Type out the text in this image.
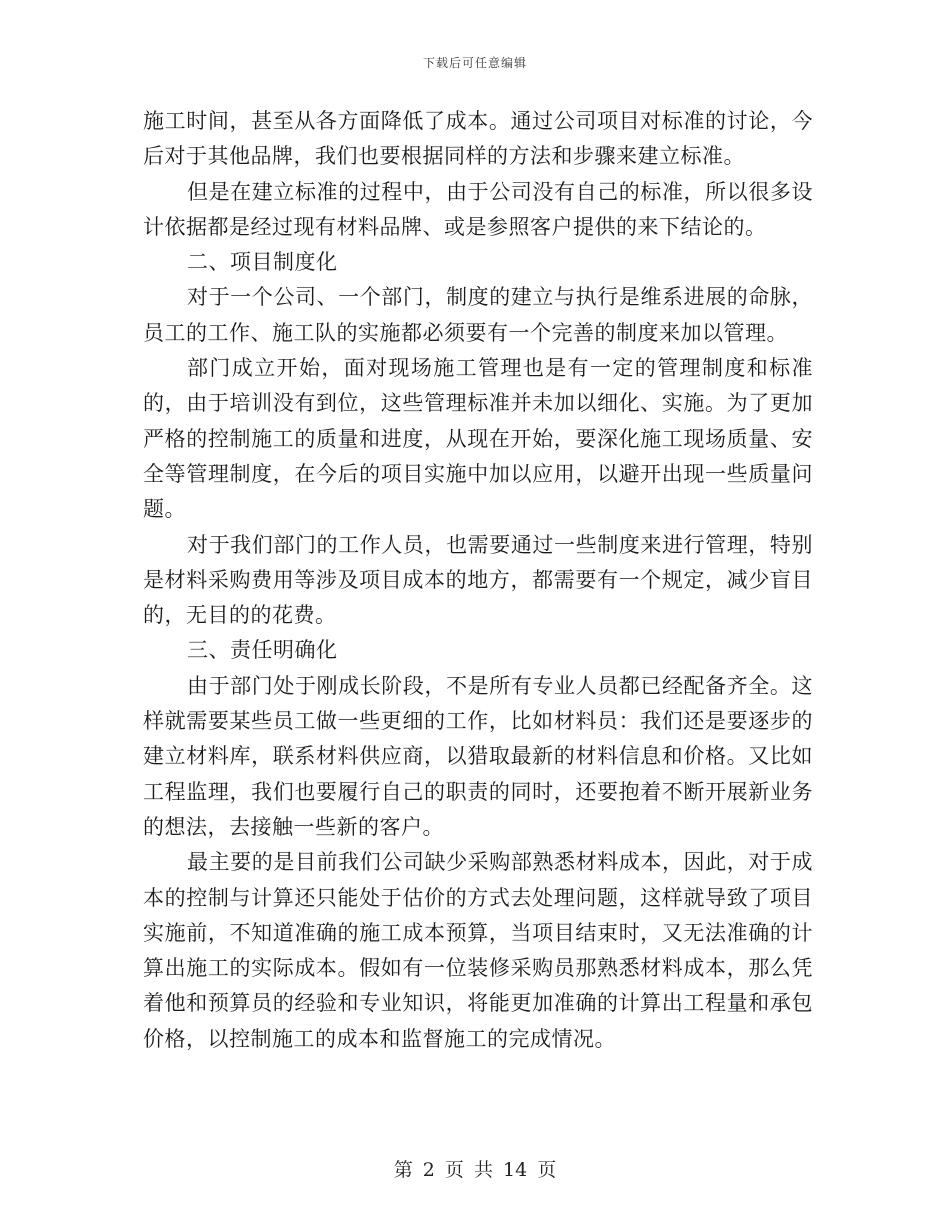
下载后可任意编辑

施工时间，甚至从各方面降低了成本。通过公司项目对标准的讨论，今后对于其他品牌，我们也要根据同样的方法和步骤来建立标准。

但是在建立标准的过程中，由于公司没有自己的标准，所以很多设计依据都是经过现有材料品牌、或是参照客户提供的来下结论的。

二、项目制度化

对于一个公司、一个部门，制度的建立与执行是维系进展的命脉，员工的工作、施工队的实施都必须要有一个完善的制度来加以管理。

部门成立开始，面对现场施工管理也是有一定的管理制度和标准的，由于培训没有到位，这些管理标准并未加以细化、实施。为了更加严格的控制施工的质量和进度，从现在开始，要深化施工现场质量、安全等管理制度，在今后的项目实施中加以应用，以避开出现一些质量问题。

对于我们部门的工作人员，也需要通过一些制度来进行管理，特别是材料采购费用等涉及项目成本的地方，都需要有一个规定，减少盲目的，无目的的花费。

三、责任明确化

由于部门处于刚成长阶段，不是所有专业人员都已经配备齐全。这样就需要某些员工做一些更细的工作，比如材料员：我们还是要逐步的建立材料库，联系材料供应商，以猎取最新的材料信息和价格。又比如工程监理，我们也要履行自己的职责的同时，还要抱着不断开展新业务的想法，去接触一些新的客户。

最主要的是目前我们公司缺少采购部熟悉材料成本，因此，对于成本的控制与计算还只能处于估价的方式去处理问题，这样就导致了项目实施前，不知道准确的施工成本预算，当项目结束时，又无法准确的计算出施工的实际成本。假如有一位装修采购员那熟悉材料成本，那么凭着他和预算员的经验和专业知识，将能更加准确的计算出工程量和承包价格，以控制施工的成本和监督施工的完成情况。

第 2 页 共 14 页
